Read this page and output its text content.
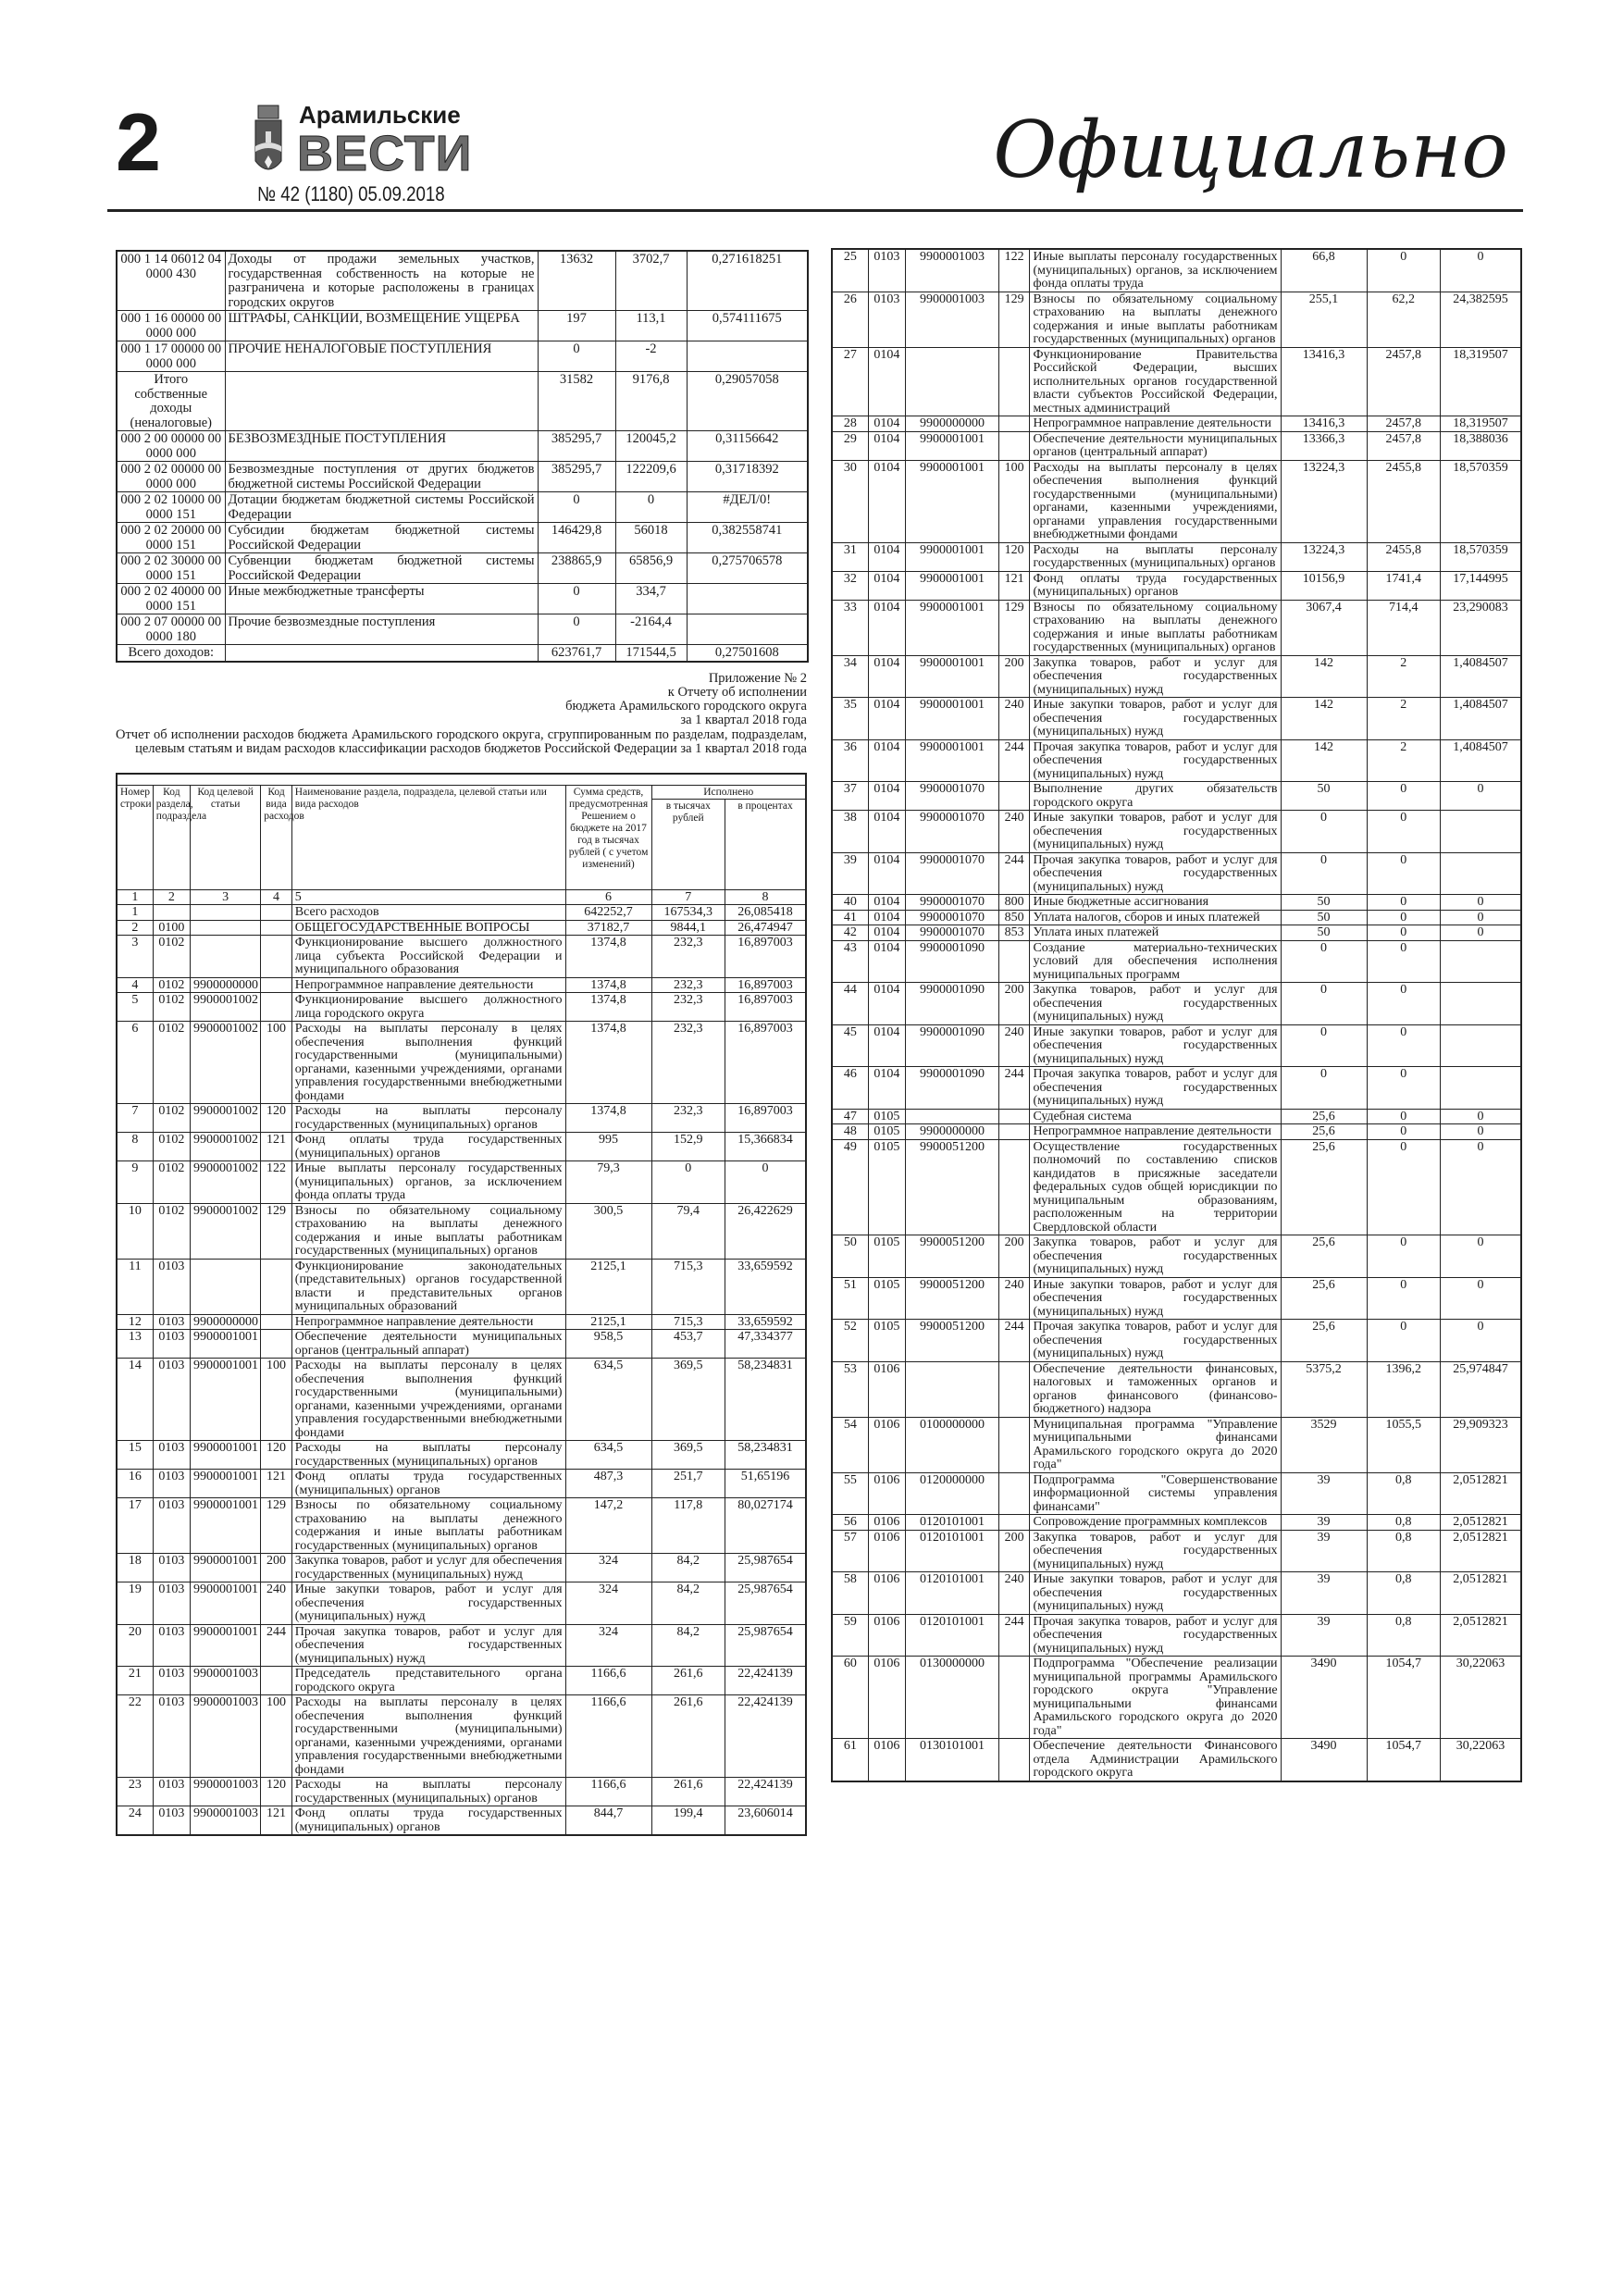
2	Арамильские
ВЕСТИ
№ 42 (1180) 05.09.2018	Официально
000 1 14 06012 04 0000 430	Доходы от продажи земельных участков, государственная собственность на которые не разграничена и которые расположены в границах городских округов	13632	3702,7	0,271618251
000 1 16 00000 00 0000 000	ШТРАФЫ, САНКЦИИ, ВОЗМЕЩЕНИЕ УЩЕРБА	197	113,1	0,574111675
000 1 17 00000 00 0000 000	ПРОЧИЕ НЕНАЛОГОВЫЕ ПОСТУПЛЕНИЯ	0	-2	
Итого собственные доходы (неналоговые)		31582	9176,8	0,29057058
000 2 00 00000 00 0000 000	БЕЗВОЗМЕЗДНЫЕ ПОСТУПЛЕНИЯ	385295,7	120045,2	0,31156642
000 2 02 00000 00 0000 000	Безвозмездные поступления от других бюджетов бюджетной системы Российской Федерации	385295,7	122209,6	0,31718392
000 2 02 10000 00 0000 151	Дотации бюджетам бюджетной системы Российской Федерации	0	0	#ДЕЛ/0!
000 2 02 20000 00 0000 151	Субсидии бюджетам бюджетной системы Российской Федерации	146429,8	56018	0,382558741
000 2 02 30000 00 0000 151	Субвенции бюджетам бюджетной системы Российской Федерации	238865,9	65856,9	0,275706578
000 2 02 40000 00 0000 151	Иные межбюджетные трансферты	0	334,7	
000 2 07 00000 00 0000 180	Прочие безвозмездные поступления	0	-2164,4	
Всего доходов:		623761,7	171544,5	0,27501608

Приложение № 2

к Отчету об исполнении

бюджета Арамильского городского округа

за 1 квартал 2018 года

Отчет об исполнении расходов бюджета Арамильского городского округа, сгруппированным по разделам, подразделам, целевым статьям и видам расходов классификации расходов бюджетов Российской Федерации за 1 квартал 2018 года

Номер строки	Код раздела, подраздела	Код целевой статьи	Код вида расходов	Наименование раздела, подраздела, целевой статьи или вида расходов	Сумма средств, предусмотренная Решением о бюджете на 2017 год в тысячах рублей ( с учетом изменений)	Исполнено	
						в тысячах рублей	в процентах
1	2	3	4	5	6	7	8
1				Всего расходов	642252,7	167534,3	26,085418
2	0100			ОБЩЕГОСУДАРСТВЕННЫЕ ВОПРОСЫ	37182,7	9844,1	26,474947
3	0102			Функционирование высшего должностного лица субъекта Российской Федерации и муниципального образования	1374,8	232,3	16,897003
4	0102	9900000000		Непрограммное направление деятельности	1374,8	232,3	16,897003
5	0102	9900001002		Функционирование высшего должностного лица городского округа	1374,8	232,3	16,897003
6	0102	9900001002	100	Расходы на выплаты персоналу в целях обеспечения выполнения функций государственными (муниципальными) органами, казенными учреждениями, органами управления государственными внебюджетными фондами	1374,8	232,3	16,897003
7	0102	9900001002	120	Расходы на выплаты персоналу государственных (муниципальных) органов	1374,8	232,3	16,897003
8	0102	9900001002	121	Фонд оплаты труда государственных (муниципальных) органов	995	152,9	15,366834
9	0102	9900001002	122	Иные выплаты персоналу государственных (муниципальных) органов, за исключением фонда оплаты труда	79,3	0	0
10	0102	9900001002	129	Взносы по обязательному социальному страхованию на выплаты денежного содержания и иные выплаты работникам государственных (муниципальных) органов	300,5	79,4	26,422629
11	0103			Функционирование законодательных (представительных) органов государственной власти и представительных органов муниципальных образований	2125,1	715,3	33,659592
12	0103	9900000000		Непрограммное направление деятельности	2125,1	715,3	33,659592
13	0103	9900001001		Обеспечение деятельности муниципальных органов (центральный аппарат)	958,5	453,7	47,334377
14	0103	9900001001	100	Расходы на выплаты персоналу в целях обеспечения выполнения функций государственными (муниципальными) органами, казенными учреждениями, органами управления государственными внебюджетными фондами	634,5	369,5	58,234831
15	0103	9900001001	120	Расходы на выплаты персоналу государственных (муниципальных) органов	634,5	369,5	58,234831
16	0103	9900001001	121	Фонд оплаты труда государственных (муниципальных) органов	487,3	251,7	51,65196
17	0103	9900001001	129	Взносы по обязательному социальному страхованию на выплаты денежного содержания и иные выплаты работникам государственных (муниципальных) органов	147,2	117,8	80,027174
18	0103	9900001001	200	Закупка товаров, работ и услуг для обеспечения государственных (муниципальных) нужд	324	84,2	25,987654
19	0103	9900001001	240	Иные закупки товаров, работ и услуг для обеспечения государственных (муниципальных) нужд	324	84,2	25,987654
20	0103	9900001001	244	Прочая закупка товаров, работ и услуг для обеспечения государственных (муниципальных) нужд	324	84,2	25,987654
21	0103	9900001003		Председатель представительного органа городского округа	1166,6	261,6	22,424139
22	0103	9900001003	100	Расходы на выплаты персоналу в целях обеспечения выполнения функций государственными (муниципальными) органами, казенными учреждениями, органами управления государственными внебюджетными фондами	1166,6	261,6	22,424139
23	0103	9900001003	120	Расходы на выплаты персоналу государственных (муниципальных) органов	1166,6	261,6	22,424139
24	0103	9900001003	121	Фонд оплаты труда государственных (муниципальных) органов	844,7	199,4	23,606014
25	0103	9900001003	122	Иные выплаты персоналу государственных (муниципальных) органов, за исключением фонда оплаты труда	66,8	0	0
26	0103	9900001003	129	Взносы по обязательному социальному страхованию на выплаты денежного содержания и иные выплаты работникам государственных (муниципальных) органов	255,1	62,2	24,382595
27	0104			Функционирование Правительства Российской Федерации, высших исполнительных органов государственной власти субъектов Российской Федерации, местных администраций	13416,3	2457,8	18,319507
28	0104	9900000000		Непрограммное направление деятельности	13416,3	2457,8	18,319507
29	0104	9900001001		Обеспечение деятельности муниципальных органов (центральный аппарат)	13366,3	2457,8	18,388036
30	0104	9900001001	100	Расходы на выплаты персоналу в целях обеспечения выполнения функций государственными (муниципальными) органами, казенными учреждениями, органами управления государственными внебюджетными фондами	13224,3	2455,8	18,570359
31	0104	9900001001	120	Расходы на выплаты персоналу государственных (муниципальных) органов	13224,3	2455,8	18,570359
32	0104	9900001001	121	Фонд оплаты труда государственных (муниципальных) органов	10156,9	1741,4	17,144995
33	0104	9900001001	129	Взносы по обязательному социальному страхованию на выплаты денежного содержания и иные выплаты работникам государственных (муниципальных) органов	3067,4	714,4	23,290083
34	0104	9900001001	200	Закупка товаров, работ и услуг для обеспечения государственных (муниципальных) нужд	142	2	1,4084507
35	0104	9900001001	240	Иные закупки товаров, работ и услуг для обеспечения государственных (муниципальных) нужд	142	2	1,4084507
36	0104	9900001001	244	Прочая закупка товаров, работ и услуг для обеспечения государственных (муниципальных) нужд	142	2	1,4084507
37	0104	9900001070		Выполнение других обязательств городского округа	50	0	0
38	0104	9900001070	240	Иные закупки товаров, работ и услуг для обеспечения государственных (муниципальных) нужд	0	0	
39	0104	9900001070	244	Прочая закупка товаров, работ и услуг для обеспечения государственных (муниципальных) нужд	0	0	
40	0104	9900001070	800	Иные бюджетные ассигнования	50	0	0
41	0104	9900001070	850	Уплата налогов, сборов и иных платежей	50	0	0
42	0104	9900001070	853	Уплата иных платежей	50	0	0
43	0104	9900001090		Создание материально-технических условий для обеспечения исполнения муниципальных программ	0	0	
44	0104	9900001090	200	Закупка товаров, работ и услуг для обеспечения государственных (муниципальных) нужд	0	0	
45	0104	9900001090	240	Иные закупки товаров, работ и услуг для обеспечения государственных (муниципальных) нужд	0	0	
46	0104	9900001090	244	Прочая закупка товаров, работ и услуг для обеспечения государственных (муниципальных) нужд	0	0	
47	0105			Судебная система	25,6	0	0
48	0105	9900000000		Непрограммное направление деятельности	25,6	0	0
49	0105	9900051200		Осуществление государственных полномочий по составлению списков кандидатов в присяжные заседатели федеральных судов общей юрисдикции по муниципальным образованиям, расположенным на территории Свердловской области	25,6	0	0
50	0105	9900051200	200	Закупка товаров, работ и услуг для обеспечения государственных (муниципальных) нужд	25,6	0	0
51	0105	9900051200	240	Иные закупки товаров, работ и услуг для обеспечения государственных (муниципальных) нужд	25,6	0	0
52	0105	9900051200	244	Прочая закупка товаров, работ и услуг для обеспечения государственных (муниципальных) нужд	25,6	0	0
53	0106			Обеспечение деятельности финансовых, налоговых и таможенных органов и органов финансового (финансово-бюджетного) надзора	5375,2	1396,2	25,974847
54	0106	0100000000		Муниципальная программа "Управление муниципальными финансами Арамильского городского округа до 2020 года"	3529	1055,5	29,909323
55	0106	0120000000		Подпрограмма "Совершенствование информационной системы управления финансами"	39	0,8	2,0512821
56	0106	0120101001		Сопровождение программных комплексов	39	0,8	2,0512821
57	0106	0120101001	200	Закупка товаров, работ и услуг для обеспечения государственных (муниципальных) нужд	39	0,8	2,0512821
58	0106	0120101001	240	Иные закупки товаров, работ и услуг для обеспечения государственных (муниципальных) нужд	39	0,8	2,0512821
59	0106	0120101001	244	Прочая закупка товаров, работ и услуг для обеспечения государственных (муниципальных) нужд	39	0,8	2,0512821
60	0106	0130000000		Подпрограмма "Обеспечение реализации муниципальной программы Арамильского городского округа "Управление муниципальными финансами Арамильского городского округа до 2020 года"	3490	1054,7	30,22063
61	0106	0130101001		Обеспечение деятельности Финансового отдела Администрации Арамильского городского округа	3490	1054,7	30,22063
